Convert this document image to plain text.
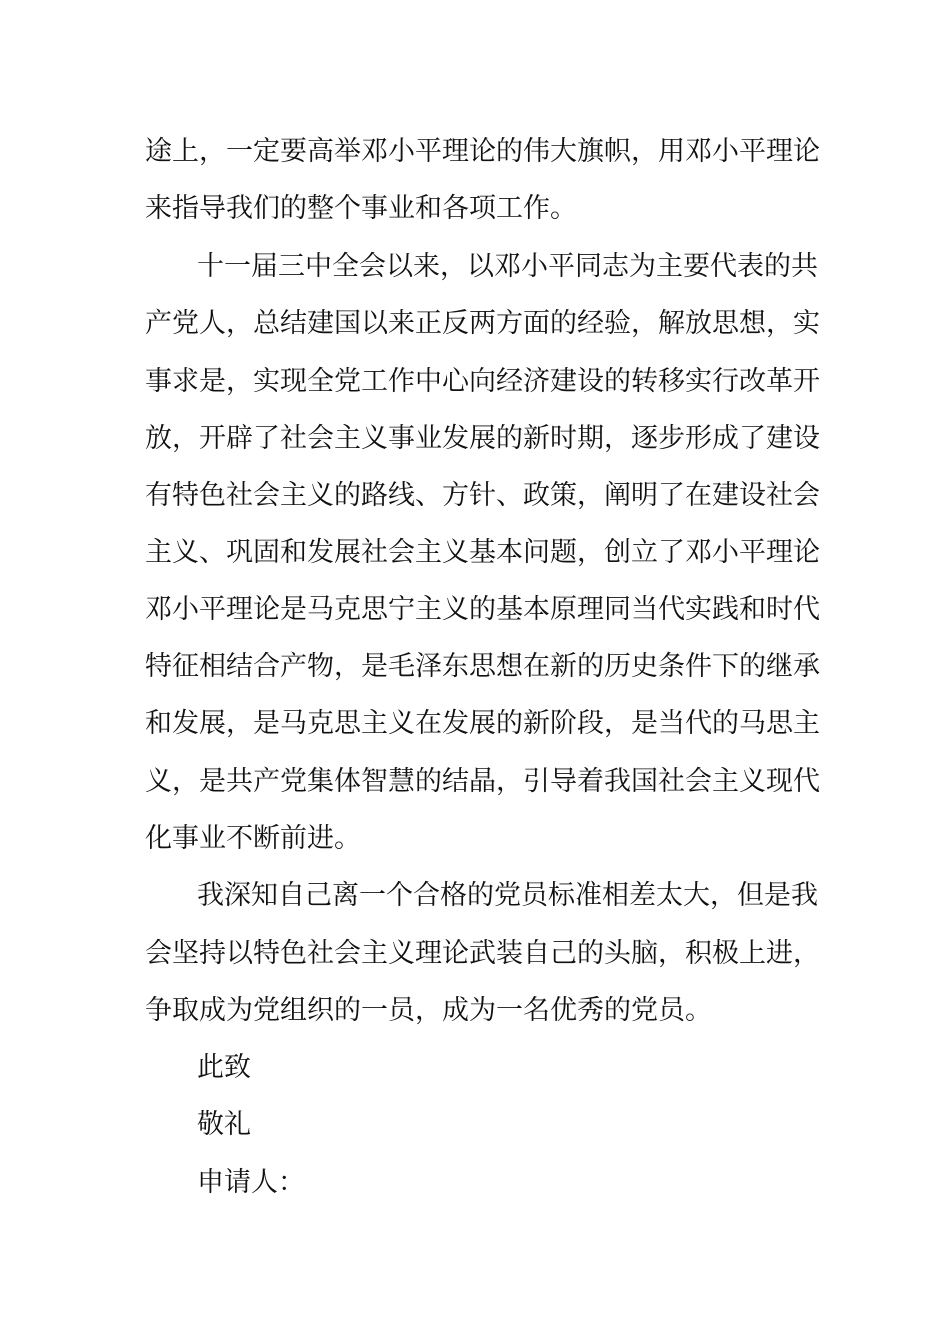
途上，一定要高举邓小平理论的伟大旗帜，用邓小平理论
来指导我们的整个事业和各项工作。
十一届三中全会以来，以邓小平同志为主要代表的共
产党人，总结建国以来正反两方面的经验，解放思想，实
事求是，实现全党工作中心向经济建设的转移实行改革开
放，开辟了社会主义事业发展的新时期，逐步形成了建设
有特色社会主义的路线、方针、政策，阐明了在建设社会
主义、巩固和发展社会主义基本问题，创立了邓小平理论
邓小平理论是马克思宁主义的基本原理同当代实践和时代
特征相结合产物，是毛泽东思想在新的历史条件下的继承
和发展，是马克思主义在发展的新阶段，是当代的马思主
义，是共产党集体智慧的结晶，引导着我国社会主义现代
化事业不断前进。
我深知自己离一个合格的党员标准相差太大，但是我
会坚持以特色社会主义理论武装自己的头脑，积极上进，
争取成为党组织的一员，成为一名优秀的党员。
此致
敬礼
申请人：
